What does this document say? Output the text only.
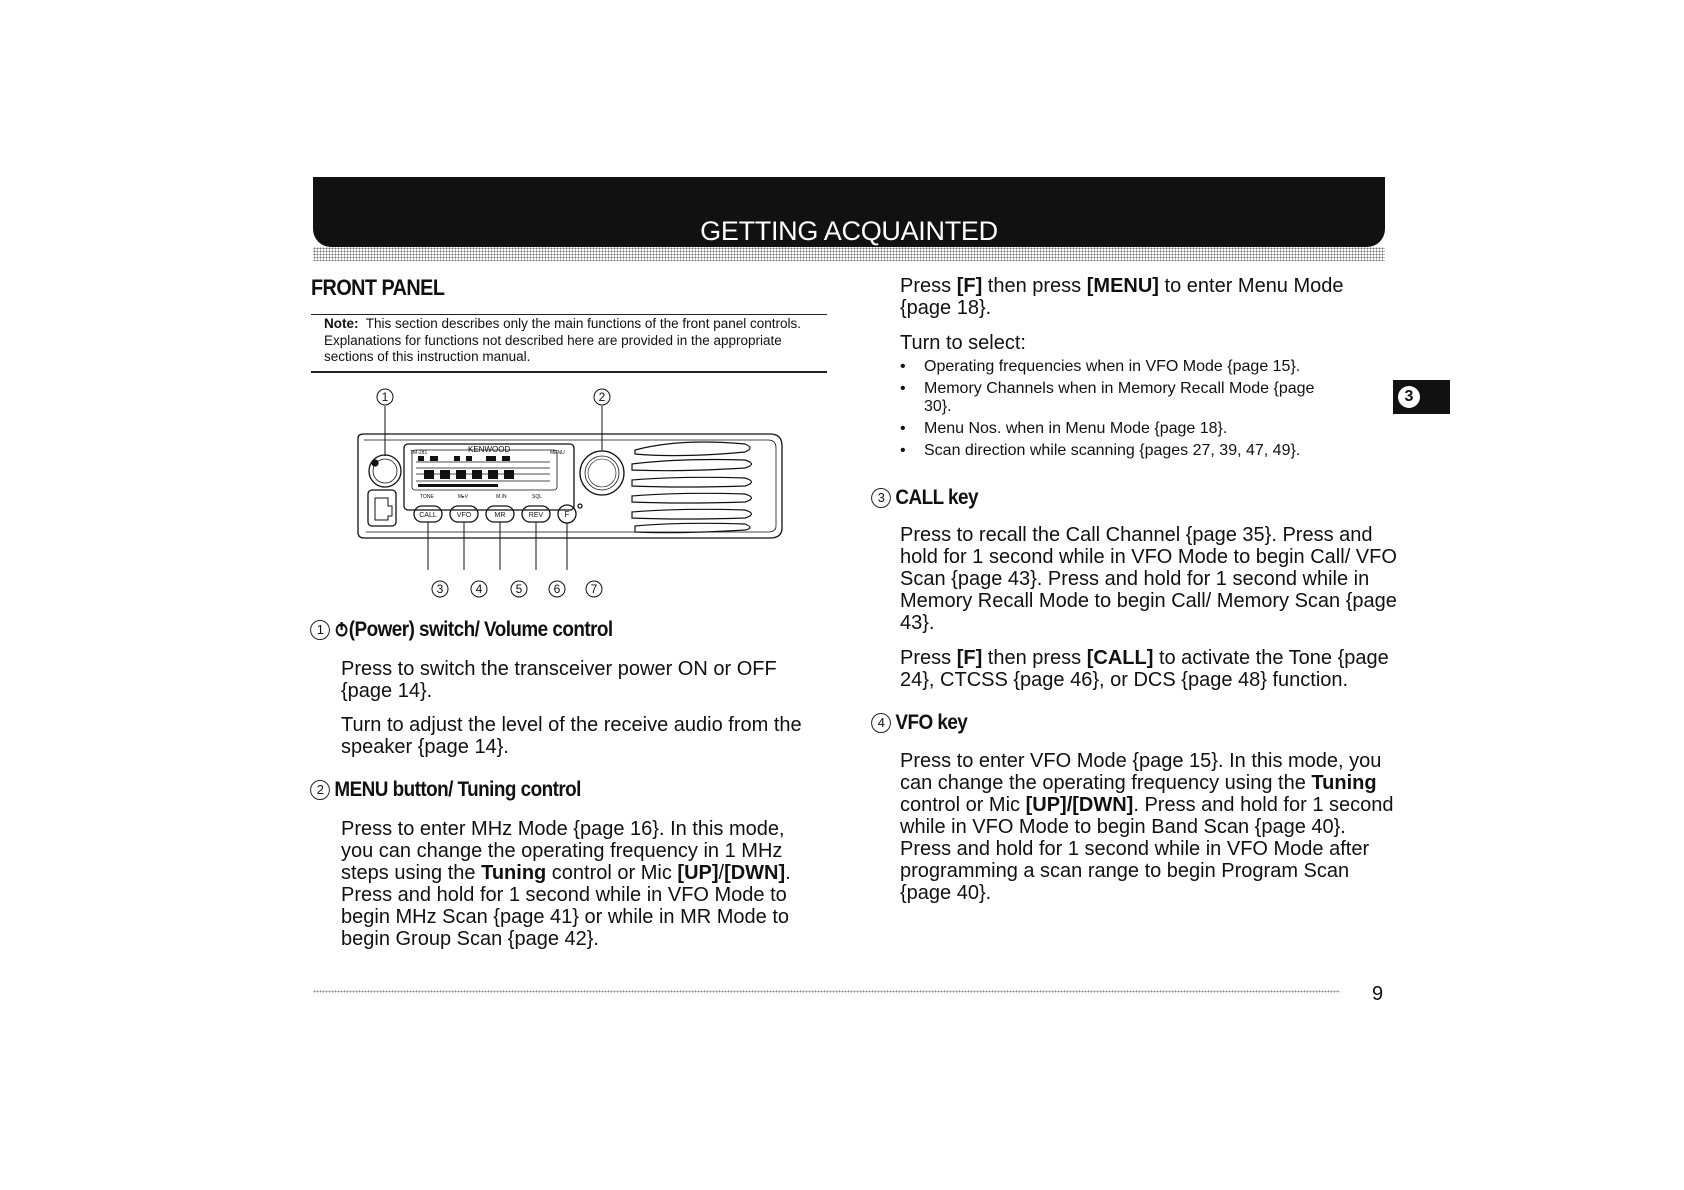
GETTING ACQUAINTED
3
FRONT PANEL
Note: This section describes only the main functions of the front panel controls. Explanations for functions not described here are provided in the appropriate sections of this instruction manual.
TM-281	KENWOOD	MENU
TONE	M▸V	M.IN	SQL
CALL	VFO	MR	REV	F
1	2
3	4	5	6	7
1 (Power) switch/ Volume control
Press to switch the transceiver power ON or OFF {page 14}.
Turn to adjust the level of the receive audio from the speaker {page 14}.
2 MENU button/ Tuning control
Press to enter MHz Mode {page 16}. In this mode, you can change the operating frequency in 1 MHz steps using the Tuning control or Mic [UP]/[DWN]. Press and hold for 1 second while in VFO Mode to begin MHz Scan {page 41} or while in MR Mode to begin Group Scan {page 42}.
Press [F] then press [MENU] to enter Menu Mode {page 18}.
Turn to select:
•	Operating frequencies when in VFO Mode {page 15}.
•	Memory Channels when in Memory Recall Mode {page 30}.
•	Menu Nos. when in Menu Mode {page 18}.
•	Scan direction while scanning {pages 27, 39, 47, 49}.
3 CALL key
Press to recall the Call Channel {page 35}. Press and hold for 1 second while in VFO Mode to begin Call/ VFO Scan {page 43}. Press and hold for 1 second while in Memory Recall Mode to begin Call/ Memory Scan {page 43}.
Press [F] then press [CALL] to activate the Tone {page 24}, CTCSS {page 46}, or DCS {page 48} function.
4 VFO key
Press to enter VFO Mode {page 15}. In this mode, you can change the operating frequency using the Tuning control or Mic [UP]/[DWN]. Press and hold for 1 second while in VFO Mode to begin Band Scan {page 40}. Press and hold for 1 second while in VFO Mode after programming a scan range to begin Program Scan {page 40}.
9
